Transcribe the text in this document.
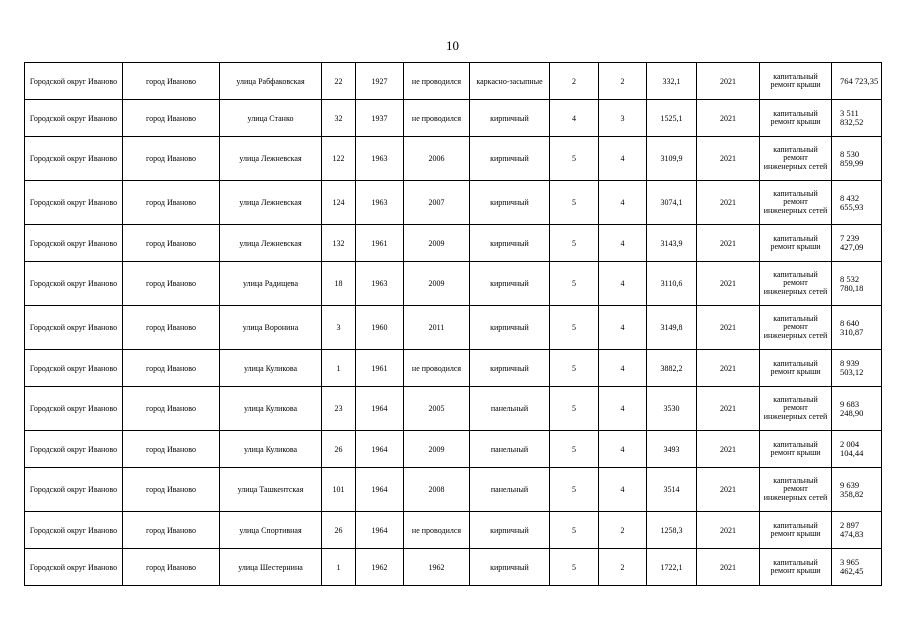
10
Городской округ Иваново	город Иваново	улица Рабфаковская	22	1927	не проводился	каркасно-засыпные	2	2	332,1	2021	капитальный ремонт крыши	764 723,35
Городской округ Иваново	город Иваново	улица Станко	32	1937	не проводился	кирпичный	4	3	1525,1	2021	капитальный ремонт крыши	3 511 832,52
Городской округ Иваново	город Иваново	улица Лежневская	122	1963	2006	кирпичный	5	4	3109,9	2021	капитальный ремонт инженерных сетей	8 530 859,99
Городской округ Иваново	город Иваново	улица Лежневская	124	1963	2007	кирпичный	5	4	3074,1	2021	капитальный ремонт инженерных сетей	8 432 655,93
Городской округ Иваново	город Иваново	улица Лежневская	132	1961	2009	кирпичный	5	4	3143,9	2021	капитальный ремонт крыши	7 239 427,09
Городской округ Иваново	город Иваново	улица Радищева	18	1963	2009	кирпичный	5	4	3110,6	2021	капитальный ремонт инженерных сетей	8 532 780,18
Городской округ Иваново	город Иваново	улица Воронина	3	1960	2011	кирпичный	5	4	3149,8	2021	капитальный ремонт инженерных сетей	8 640 310,87
Городской округ Иваново	город Иваново	улица Куликова	1	1961	не проводился	кирпичный	5	4	3882,2	2021	капитальный ремонт крыши	8 939 503,12
Городской округ Иваново	город Иваново	улица Куликова	23	1964	2005	панельный	5	4	3530	2021	капитальный ремонт инженерных сетей	9 683 248,90
Городской округ Иваново	город Иваново	улица Куликова	26	1964	2009	панельный	5	4	3493	2021	капитальный ремонт крыши	2 004 104,44
Городской округ Иваново	город Иваново	улица Ташкентская	101	1964	2008	панельный	5	4	3514	2021	капитальный ремонт инженерных сетей	9 639 358,82
Городской округ Иваново	город Иваново	улица Спортивная	26	1964	не проводился	кирпичный	5	2	1258,3	2021	капитальный ремонт крыши	2 897 474,83
Городской округ Иваново	город Иваново	улица Шестернина	1	1962	1962	кирпичный	5	2	1722,1	2021	капитальный ремонт крыши	3 965 462,45
